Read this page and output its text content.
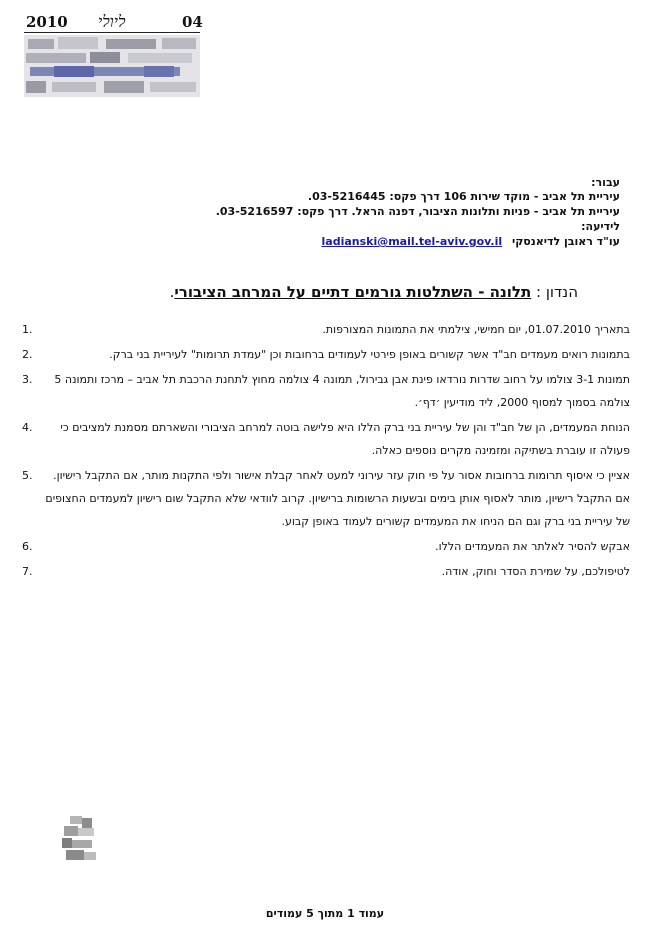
2010 ליולי	04
עבור:
עיריית תל אביב - מוקד שירות 106 דרך פקס: 03-5216445.
עיריית תל אביב - פניות ותלונות הציבור, דפנה הראל. דרך פקס: 03-5216597.
לידיעה:
עו"ד ראובן לדיאנסקי ladianski@mail.tel-aviv.gov.il
הנדון : תלונה - השתלטות גורמים דתיים על המרחב הציבורי.
1.	בתאריך 01.07.2010, יום חמישי, צילמתי את התמונות המצורפות.
2.	בתמונות רואים מעמדים חב"ד אשר קשורים באופן פירטי לעמודים ברחובות וכן "עמדת תרומות" לעיריית בני ברק.
3.	תמונות 3-1 צולמו על רחוב שדרות נורדאו פינת אבן גבירול, תמונה 4 צולמה מחוץ לתחנת הרכבת תל אביב – מרכז ותמונה 5 צולמה בסמוך למסוף 2000, ליד מודיעין ׳דף׳.
4.	הנוחת המעמדים, הן של חב"ד והן של עיריית בני ברק הללו היא פלישה בוטה למרחב הציבורי והשארתם מסמנת למציבים כי פעולה זו עוברת בשתיקה ומזמינה מקרים נוספים כאלה.
5.	אציין כי איסוף תרומות ברחובות אסור על פי חוק עזר עירוני למעט לאחר קבלת אישור ולפי התקנות מותר, אם התקבל רישיון. אם התקבל רישיון, מותר לאסוף אותן בימים ובשעות הרשומות ברישיון. קרוב לוודאי שלא התקבל שום רישיון למעמדים החצופים של עיריית בני ברק וגם הם הניחו את המעמדים קשורים לעמוד באופן קבוע.
6.	אבקש להסיר לאלתר את המעמדים הללו.
7.	לטיפולכם, על שמירת הסדר וחוק, אודה.
עמוד 1 מתוך 5 עמודים
